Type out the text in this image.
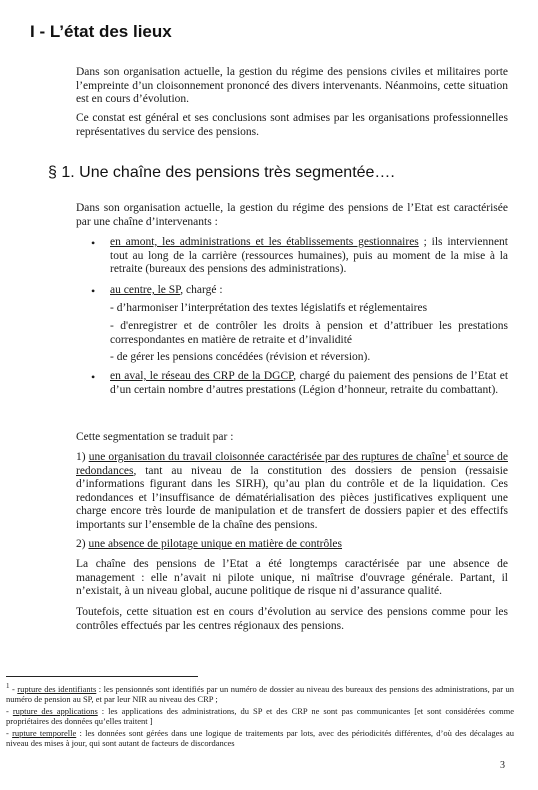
I - L’état des lieux
Dans son organisation actuelle, la gestion du régime des pensions civiles et militaires porte l’empreinte d’un cloisonnement prononcé des divers intervenants. Néanmoins, cette situation est en cours d’évolution.
Ce constat est général et ses conclusions sont admises par les organisations professionnelles représentatives du service des pensions.
§ 1. Une chaîne des pensions très segmentée….
Dans son organisation actuelle, la gestion du régime des pensions de l’Etat est caractérisée par une chaîne d’intervenants :
• en amont, les administrations et les établissements gestionnaires ; ils interviennent tout au long de la carrière (ressources humaines), puis au moment de la mise à la retraite (bureaux des pensions des administrations).
• au centre, le SP, chargé :
- d’harmoniser l’interprétation des textes législatifs et réglementaires
- d'enregistrer et de contrôler les droits à pension et d’attribuer les prestations correspondantes en matière de retraite et d’invalidité
- de gérer les pensions concédées (révision et réversion).
• en aval, le réseau des CRP de la DGCP, chargé du paiement des pensions de l’Etat et d’un certain nombre d’autres prestations (Légion d’honneur, retraite du combattant).
Cette segmentation se traduit par :
1) une organisation du travail cloisonnée caractérisée par des ruptures de chaîne$^1$ et source de redondances, tant au niveau de la constitution des dossiers de pension (ressaisie d’informations figurant dans les SIRH), qu’au plan du contrôle et de la liquidation. Ces redondances et l’insuffisance de dématérialisation des pièces justificatives expliquent une charge encore très lourde de manipulation et de transfert de dossiers papier et des effectifs importants sur l’ensemble de la chaîne des pensions.
2) une absence de pilotage unique en matière de contrôles
La chaîne des pensions de l’Etat a été longtemps caractérisée par une absence de management : elle n’avait ni pilote unique, ni maîtrise d'ouvrage générale. Partant, il n’existait, à un niveau global, aucune politique de risque ni d’assurance qualité.
Toutefois, cette situation est en cours d’évolution au service des pensions comme pour les contrôles effectués par les centres régionaux des pensions.
$^1$ - rupture des identifiants : les pensionnés sont identifiés par un numéro de dossier au niveau des bureaux des pensions des administrations, par un numéro de pension au SP, et par leur NIR au niveau des CRP ;
- rupture des applications : les applications des administrations, du SP et des CRP ne sont pas communicantes [et sont considérées comme propriétaires des données qu’elles traitent ]
- rupture temporelle : les données sont gérées dans une logique de traitements par lots, avec des périodicités différentes, d’où des décalages au niveau des mises à jour, qui sont autant de facteurs de discordances
3
